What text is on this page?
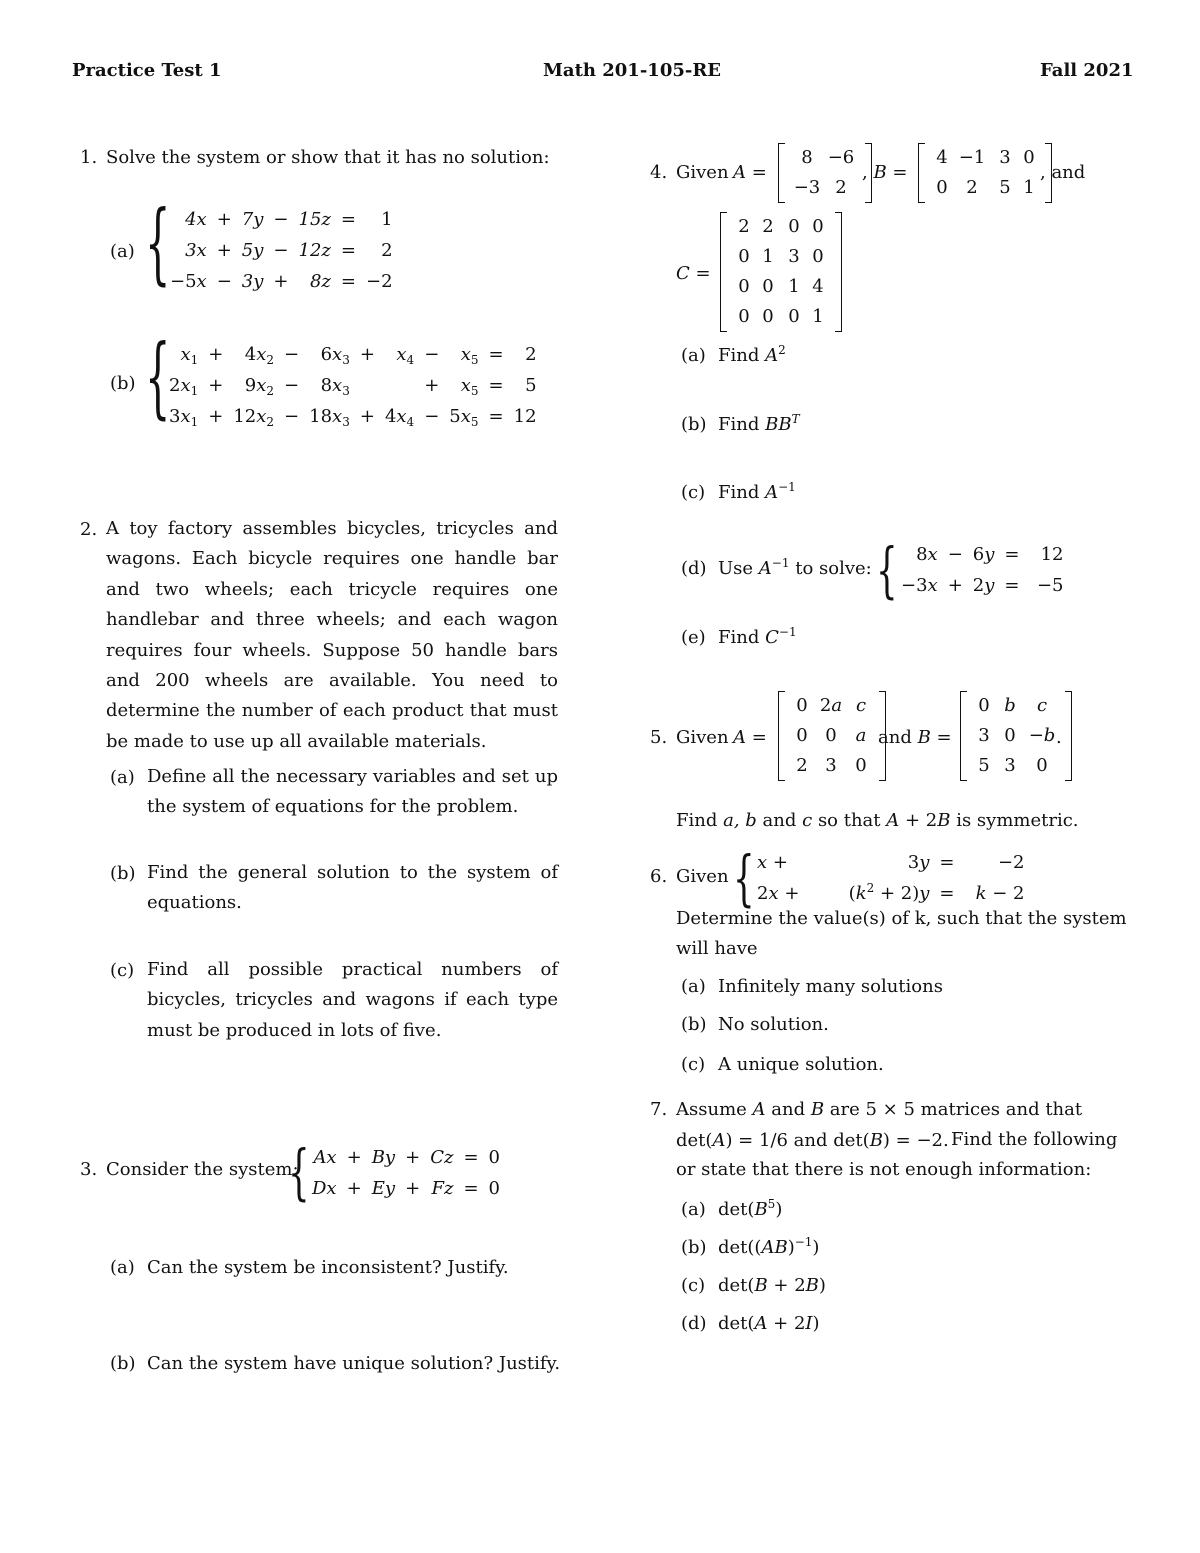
Practice Test 1	Math 201-105-RE	Fall 2021
1. Solve the system or show that it has no solution:
(a) { 4x	+	7y	−	15z	=	1
3x	+	5y	−	12z	=	2
−5x	−	3y	+	8z	=	−2
(b) { $x_1$	+	$4x_2$	−	$6x_3$	+	$x_4$	−	$x_5$	=	2
$2x_1$	+	$9x_2$	−	$8x_3$			+	$x_5$	=	5
$3x_1$	+	$12x_2$	−	$18x_3$	+	$4x_4$	−	$5x_5$	=	12
2. A toy factory assembles bicycles, tricycles and wagons. Each bicycle requires one handle bar and two wheels; each tricycle requires one handlebar and three wheels; and each wagon requires four wheels. Suppose 50 handle bars and 200 wheels are available. You need to determine the number of each product that must be made to use up all available materials.
(a) Define all the necessary variables and set up the system of equations for the problem.
(b) Find the general solution to the system of equations.
(c) Find all possible practical numbers of bicycles, tricycles and wagons if each type must be produced in lots of five.
3. Consider the system:
{ Ax	+	By	+	Cz	=	0
Dx	+	Ey	+	Fz	=	0
(a) Can the system be inconsistent? Justify.
(b) Can the system have unique solution? Justify.
4. Given A =
8 −6
−3 2
, B =
4 −1 3 0
0 2 5 1
, and
C =
2 2 0 0
0 1 3 0
0 0 1 4
0 0 0 1
(a) Find $A^2$
(b) Find $BB^T$
(c) Find $A^{-1}$
(d) Use $A^{-1}$ to solve: { 8x	−	6y	=	12
−3x	+	2y	=	−5
(e) Find $C^{-1}$
5. Given A =
0 2a c
0 0 a
2 3 0
and B =
0 b c
3 0 −b
5 3 0
.
Find a, b and c so that A + 2B is symmetric.
6. Given { x +	3y	=	−2
2x +	$(k^2 + 2)y$	=	k − 2
Determine the value(s) of k, such that the system will have
(a) Infinitely many solutions
(b) No solution.
(c) A unique solution.
7. Assume A and B are 5 × 5 matrices and that
det(A) = 1/6 and det(B) = −2. Find the following or state that there is not enough information:
(a) $\det(B^5)$
(b) det((AB)$^{-1}$)
(c) det(B + 2B)
(d) det(A + 2I)
